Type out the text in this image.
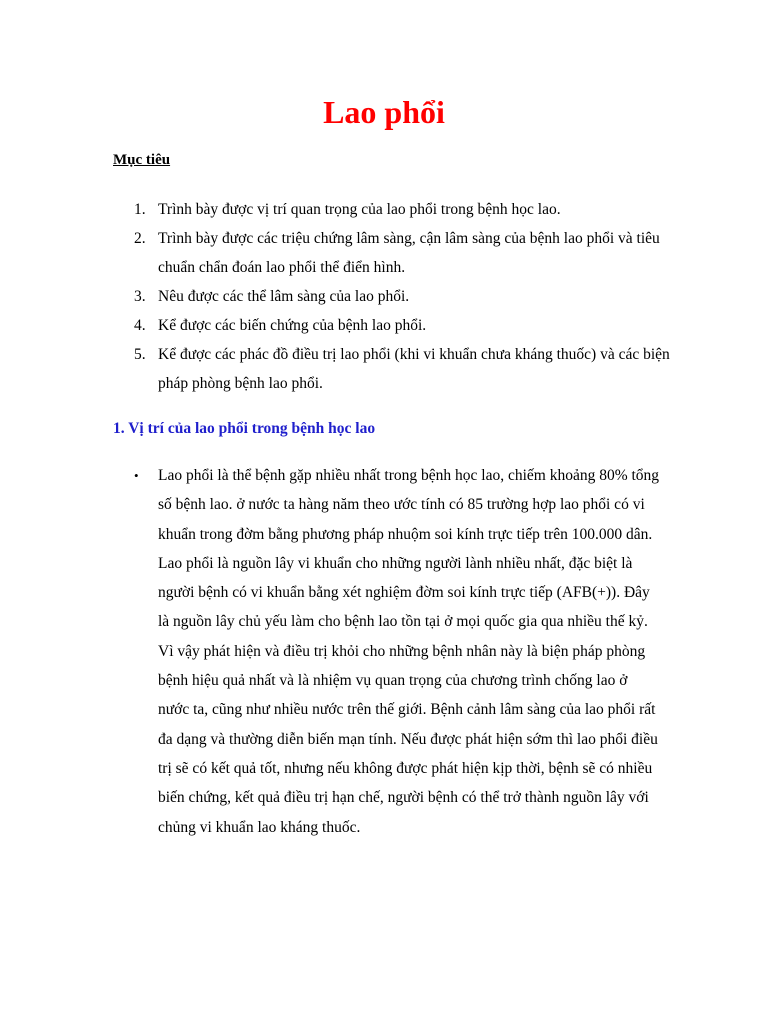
Lao phổi
Mục tiêu
1. Trình bày được vị trí quan trọng của lao phổi trong bệnh học lao.
2. Trình bày được các triệu chứng lâm sàng, cận lâm sàng của bệnh lao phổi và tiêu chuẩn chẩn đoán lao phổi thể điển hình.
3. Nêu được các thể lâm sàng của lao phổi.
4. Kể được các biến chứng của bệnh lao phổi.
5. Kể được các phác đồ điều trị lao phổi (khi vi khuẩn chưa kháng thuốc) và các biện pháp phòng bệnh lao phổi.
1. Vị trí của lao phổi trong bệnh học lao
• Lao phổi là thể bệnh gặp nhiều nhất trong bệnh học lao, chiếm khoảng 80% tổng số bệnh lao. ở nước ta hàng năm theo ước tính có 85 trường hợp lao phổi có vi khuẩn trong đờm bằng phương pháp nhuộm soi kính trực tiếp trên 100.000 dân. Lao phổi là nguồn lây vi khuẩn cho những người lành nhiều nhất, đặc biệt là người bệnh có vi khuẩn bằng xét nghiệm đờm soi kính trực tiếp (AFB(+)). Đây là nguồn lây chủ yếu làm cho bệnh lao tồn tại ở mọi quốc gia qua nhiều thế kỷ. Vì vậy phát hiện và điều trị khỏi cho những bệnh nhân này là biện pháp phòng bệnh hiệu quả nhất và là nhiệm vụ quan trọng của chương trình chống lao ở nước ta, cũng như nhiều nước trên thế giới. Bệnh cảnh lâm sàng của lao phổi rất đa dạng và thường diễn biến mạn tính. Nếu được phát hiện sớm thì lao phổi điều trị sẽ có kết quả tốt, nhưng nếu không được phát hiện kịp thời, bệnh sẽ có nhiều biến chứng, kết quả điều trị hạn chế, người bệnh có thể trở thành nguồn lây với chủng vi khuẩn lao kháng thuốc.
